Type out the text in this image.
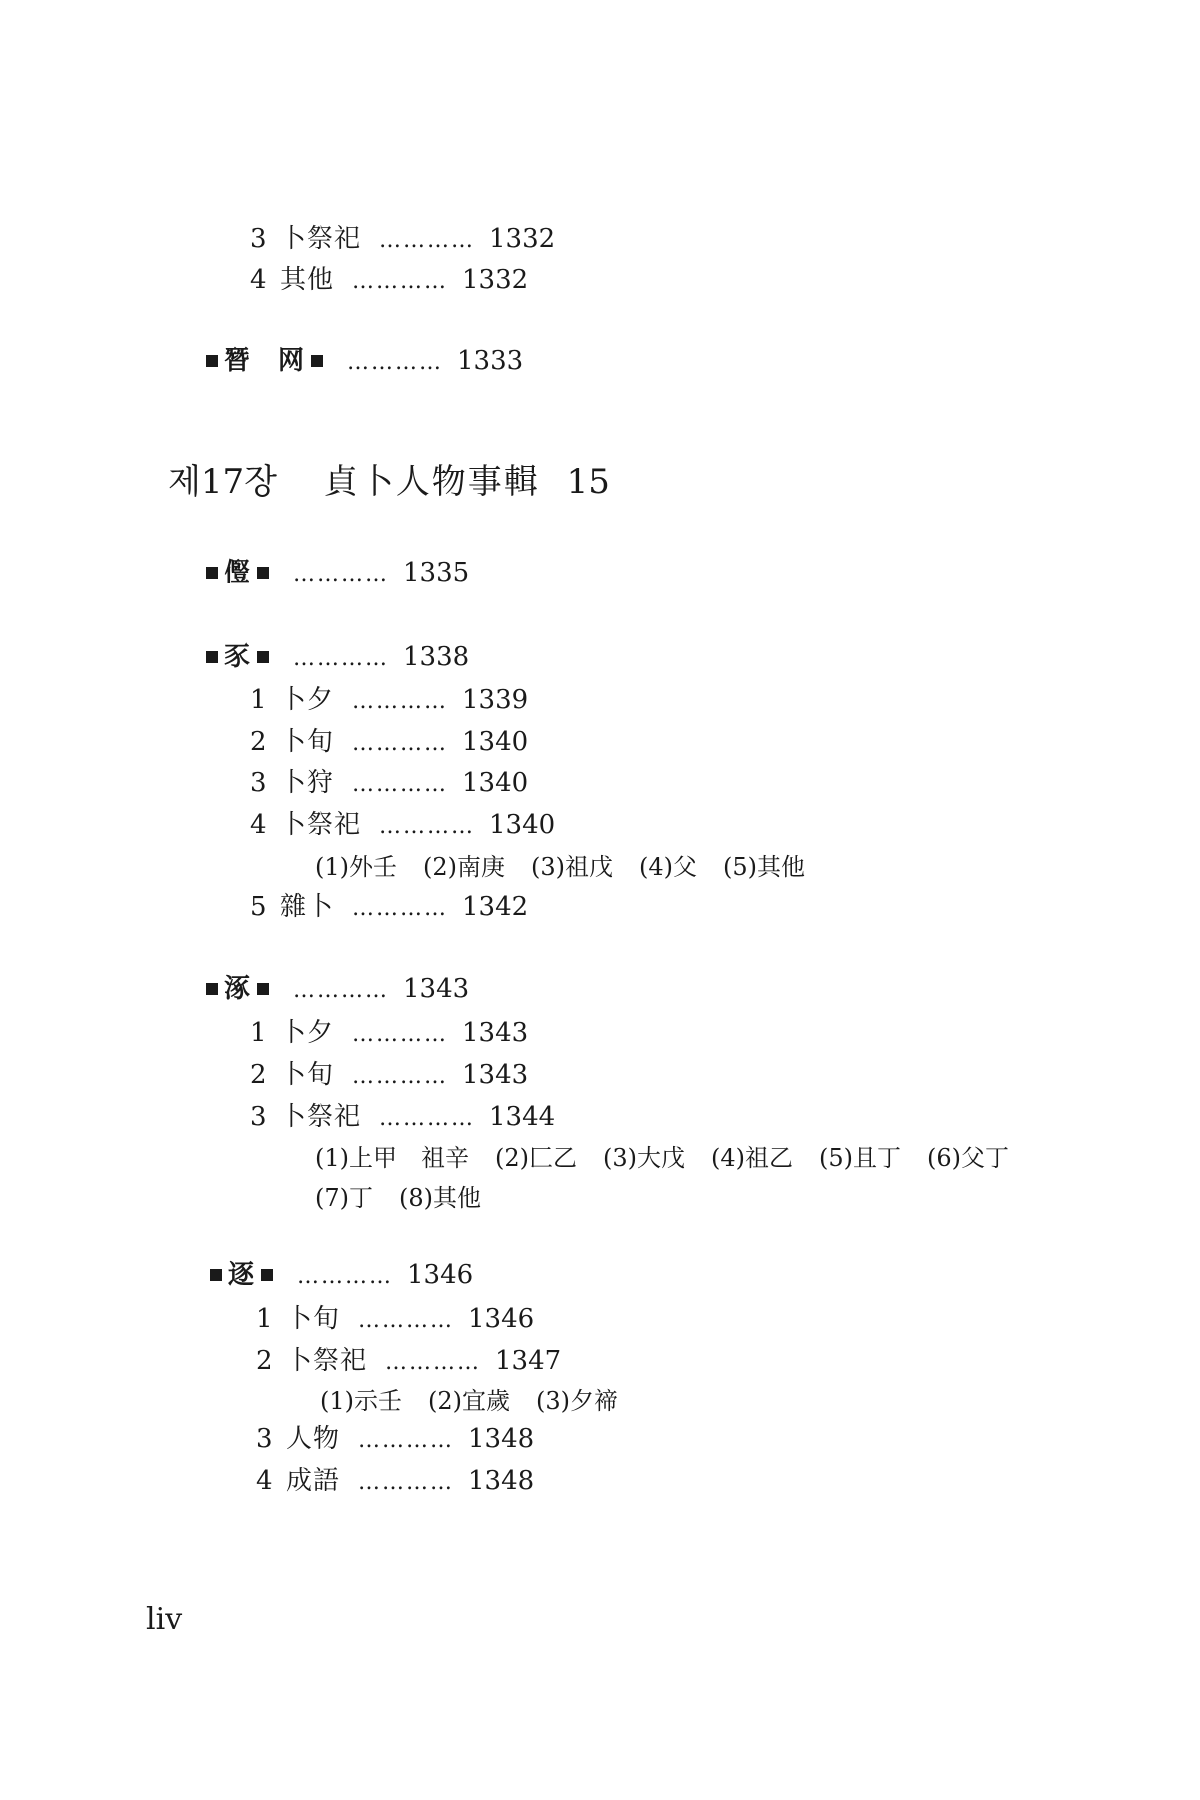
3 卜祭祀 ………… 1332
4 其他 ………… 1332
朁　网 ………… 1333
제17장 貞卜人物事輯 15
𠐊 ………… 1335
豕 ………… 1338
1 卜夕 ………… 1339
2 卜旬 ………… 1340
3 卜狩 ………… 1340
4 卜祭祀 ………… 1340
(1)外壬 (2)南庚 (3)祖戊 (4)父 (5)其他
5 雜卜 ………… 1342
涿 ………… 1343
1 卜夕 ………… 1343
2 卜旬 ………… 1343
3 卜祭祀 ………… 1344
(1)上甲　祖辛 (2)匚乙 (3)大戊 (4)祖乙 (5)且丁 (6)父丁
(7)丁 (8)其他
逐 ………… 1346
1 卜旬 ………… 1346
2 卜祭祀 ………… 1347
(1)示壬 (2)宜歲 (3)夕禘
3 人物 ………… 1348
4 成語 ………… 1348
liv
